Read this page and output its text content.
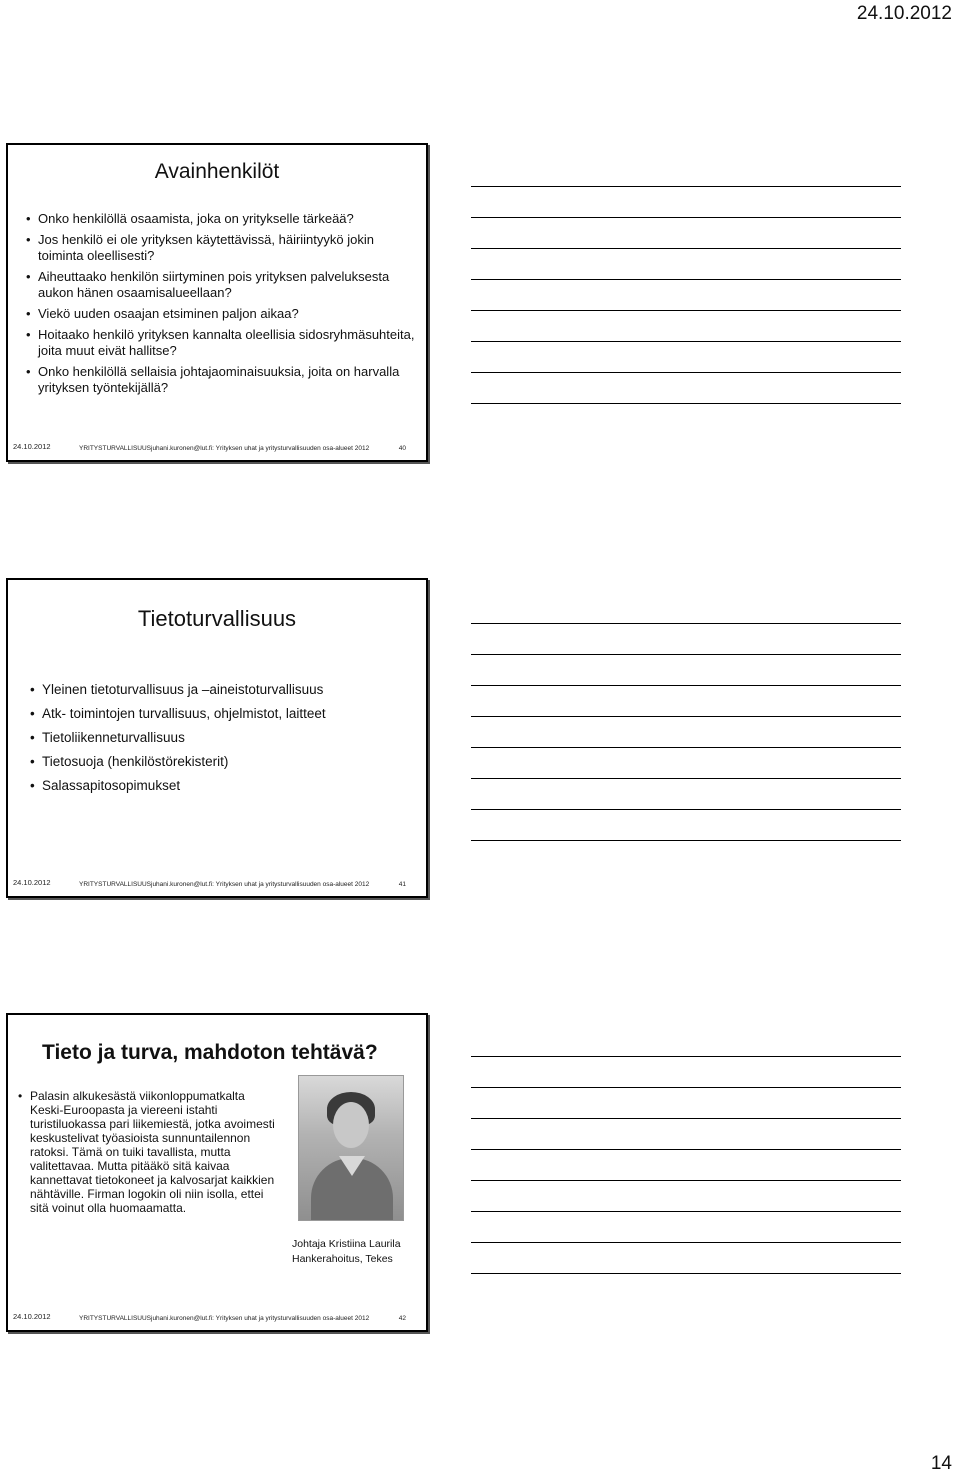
24.10.2012
Avainhenkilöt
• Onko henkilöllä osaamista, joka on yritykselle tärkeää?
• Jos henkilö ei ole yrityksen käytettävissä, häiriintyykö jokin toiminta oleellisesti?
• Aiheuttaako henkilön siirtyminen pois yrityksen palveluksesta aukon hänen osaamisalueellaan?
• Viekö uuden osaajan etsiminen paljon aikaa?
• Hoitaako henkilö yrityksen kannalta oleellisia sidosryhmäsuhteita, joita muut eivät hallitse?
• Onko henkilöllä sellaisia johtajaominaisuuksia, joita on harvalla yrityksen työntekijällä?
24.10.2012	YRITYSTURVALLISUUSjuhani.kuronen@lut.fi: Yrityksen uhat ja yritysturvallisuuden osa-alueet 2012	40
Tietoturvallisuus
• Yleinen tietoturvallisuus ja –aineistoturvallisuus
• Atk- toimintojen turvallisuus, ohjelmistot, laitteet
• Tietoliikenneturvallisuus
• Tietosuoja (henkilöstörekisterit)
• Salassapitosopimukset
24.10.2012	YRITYSTURVALLISUUSjuhani.kuronen@lut.fi: Yrityksen uhat ja yritysturvallisuuden osa-alueet 2012	41
Tieto ja turva, mahdoton tehtävä?
• Palasin alkukesästä viikonloppumatkalta Keski-Euroopasta ja viereeni istahti turistiluokassa pari liikemiestä, jotka avoimesti keskustelivat työasioista sunnuntailennon ratoksi. Tämä on tuiki tavallista, mutta valitettavaa. Mutta pitääkö sitä kaivaa kannettavat tietokoneet ja kalvosarjat kaikkien nähtäville. Firman logokin oli niin isolla, ettei sitä voinut olla huomaamatta.
Johtaja Kristiina Laurila
Hankerahoitus, Tekes
24.10.2012	YRITYSTURVALLISUUSjuhani.kuronen@lut.fi: Yrityksen uhat ja yritysturvallisuuden osa-alueet 2012	42
14
